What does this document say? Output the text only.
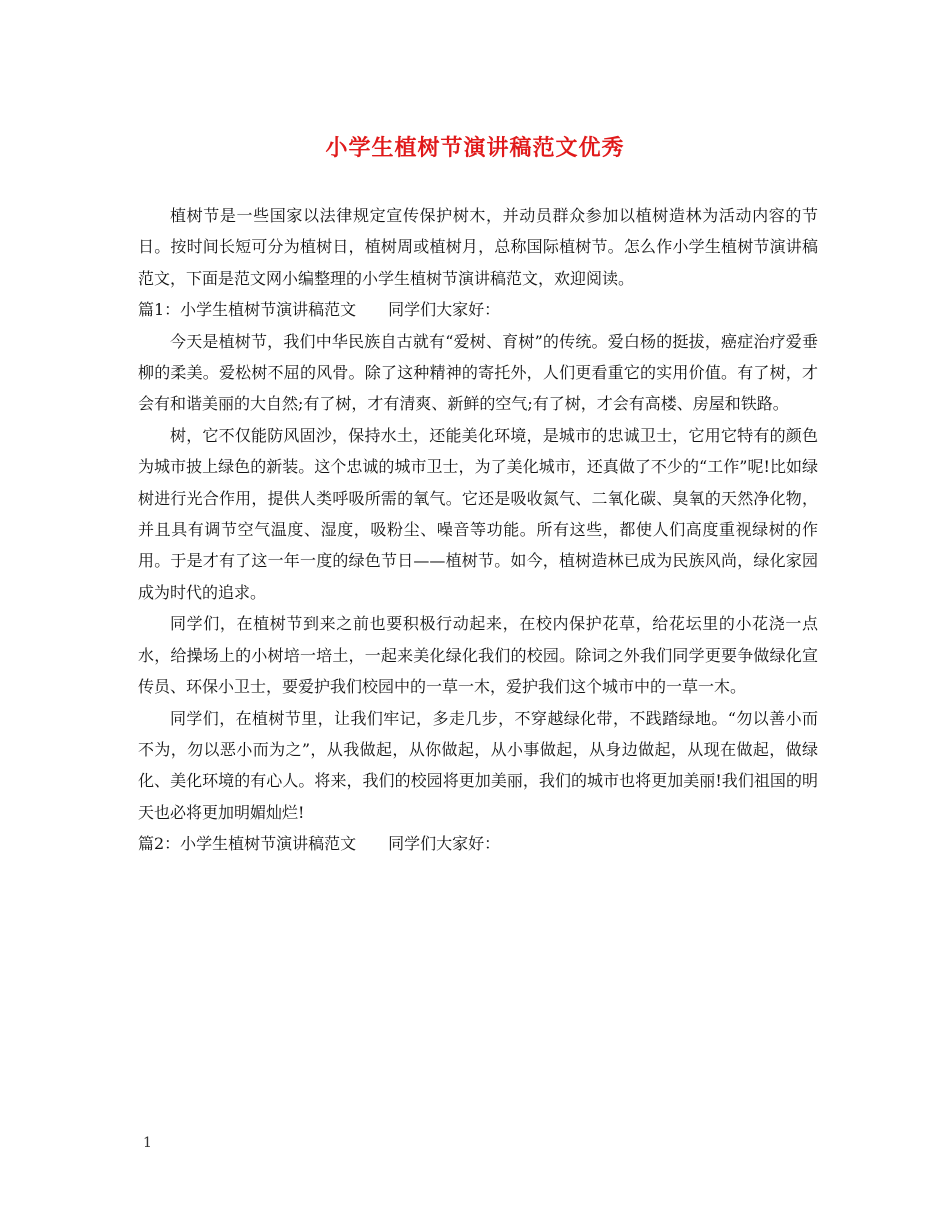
小学生植树节演讲稿范文优秀

植树节是一些国家以法律规定宣传保护树木，并动员群众参加以植树造林为活动内容的节日。按时间长短可分为植树日，植树周或植树月，总称国际植树节。怎么作小学生植树节演讲稿范文，下面是范文网小编整理的小学生植树节演讲稿范文，欢迎阅读。

篇1：小学生植树节演讲稿范文　　同学们大家好：

今天是植树节，我们中华民族自古就有“爱树、育树”的传统。爱白杨的挺拔，癌症治疗爱垂柳的柔美。爱松树不屈的风骨。除了这种精神的寄托外，人们更看重它的实用价值。有了树，才会有和谐美丽的大自然;有了树，才有清爽、新鲜的空气;有了树，才会有高楼、房屋和铁路。

树，它不仅能防风固沙，保持水土，还能美化环境，是城市的忠诚卫士，它用它特有的颜色为城市披上绿色的新装。这个忠诚的城市卫士，为了美化城市，还真做了不少的“工作”呢!比如绿树进行光合作用，提供人类呼吸所需的氧气。它还是吸收氮气、二氧化碳、臭氧的天然净化物，并且具有调节空气温度、湿度，吸粉尘、噪音等功能。所有这些，都使人们高度重视绿树的作用。于是才有了这一年一度的绿色节日——植树节。如今，植树造林已成为民族风尚，绿化家园成为时代的追求。

同学们，在植树节到来之前也要积极行动起来，在校内保护花草，给花坛里的小花浇一点水，给操场上的小树培一培土，一起来美化绿化我们的校园。除词之外我们同学更要争做绿化宣传员、环保小卫士，要爱护我们校园中的一草一木，爱护我们这个城市中的一草一木。

同学们，在植树节里，让我们牢记，多走几步，不穿越绿化带，不践踏绿地。“勿以善小而不为，勿以恶小而为之”，从我做起，从你做起，从小事做起，从身边做起，从现在做起，做绿化、美化环境的有心人。将来，我们的校园将更加美丽，我们的城市也将更加美丽!我们祖国的明天也必将更加明媚灿烂!

篇2：小学生植树节演讲稿范文　　同学们大家好：

1
